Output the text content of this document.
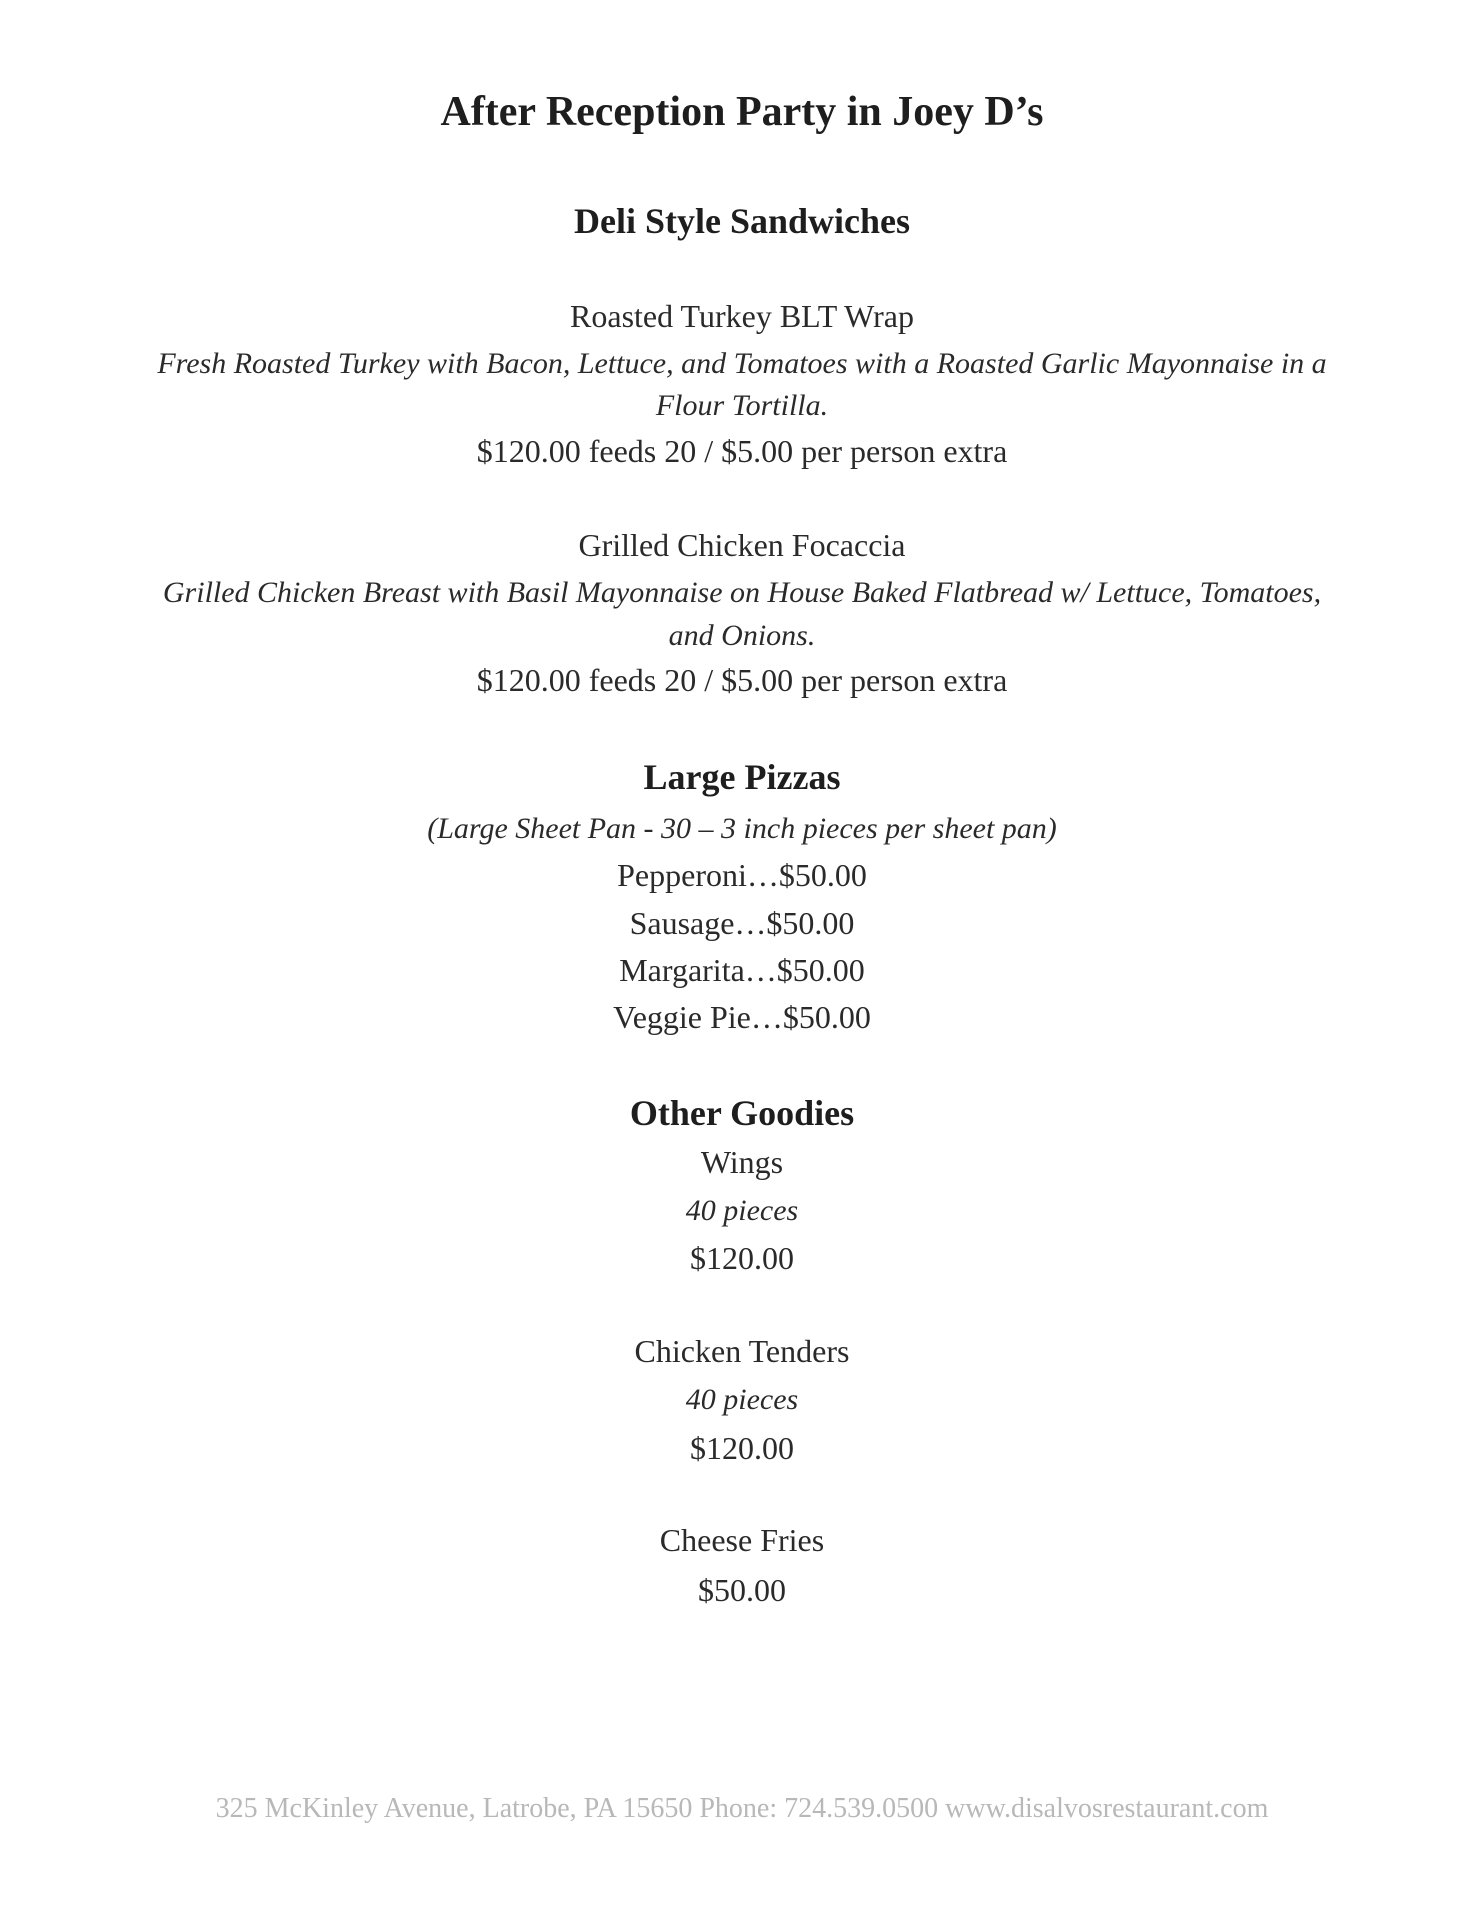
After Reception Party in Joey D’s
Deli Style Sandwiches
Roasted Turkey BLT Wrap
Fresh Roasted Turkey with Bacon, Lettuce, and Tomatoes with a Roasted Garlic Mayonnaise in a
Flour Tortilla.
$120.00 feeds 20 / $5.00 per person extra
Grilled Chicken Focaccia
Grilled Chicken Breast with Basil Mayonnaise on House Baked Flatbread w/ Lettuce, Tomatoes,
and Onions.
$120.00 feeds 20 / $5.00 per person extra
Large Pizzas
(Large Sheet Pan - 30 – 3 inch pieces per sheet pan)
Pepperoni…$50.00
Sausage…$50.00
Margarita…$50.00
Veggie Pie…$50.00
Other Goodies
Wings
40 pieces
$120.00
Chicken Tenders
40 pieces
$120.00
Cheese Fries
$50.00
325 McKinley Avenue, Latrobe, PA 15650 Phone: 724.539.0500 www.disalvosrestaurant.com
